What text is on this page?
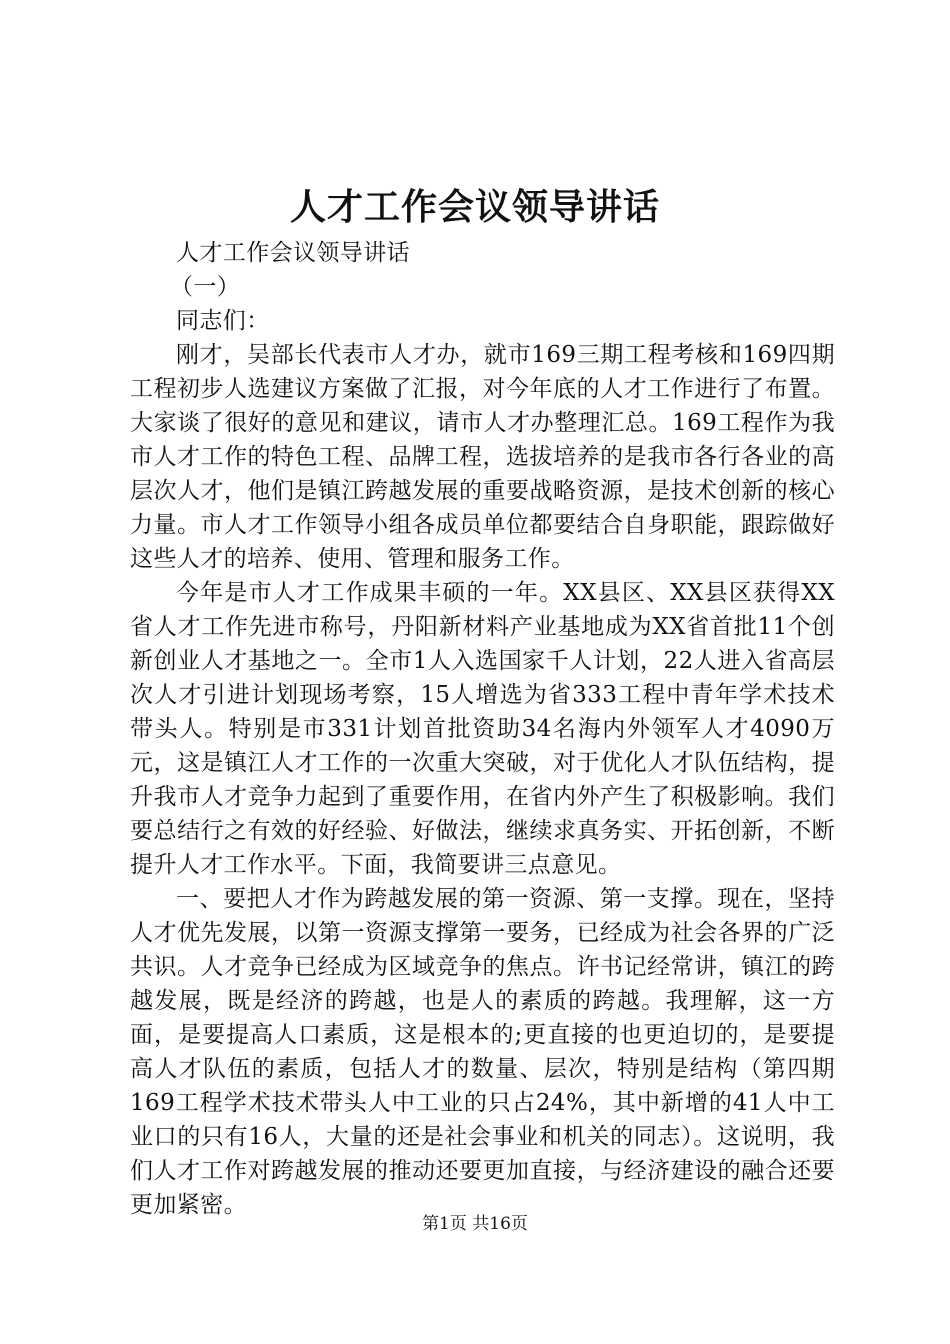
人才工作会议领导讲话

人才工作会议领导讲话

（一）

同志们：

刚才，吴部长代表市人才办，就市169三期工程考核和169四期工程初步人选建议方案做了汇报，对今年底的人才工作进行了布置。大家谈了很好的意见和建议，请市人才办整理汇总。169工程作为我市人才工作的特色工程、品牌工程，选拔培养的是我市各行各业的高层次人才，他们是镇江跨越发展的重要战略资源，是技术创新的核心力量。市人才工作领导小组各成员单位都要结合自身职能，跟踪做好这些人才的培养、使用、管理和服务工作。

今年是市人才工作成果丰硕的一年。XX县区、XX县区获得XX省人才工作先进市称号，丹阳新材料产业基地成为XX省首批11个创新创业人才基地之一。全市1人入选国家千人计划，22人进入省高层次人才引进计划现场考察，15人增选为省333工程中青年学术技术带头人。特别是市331计划首批资助34名海内外领军人才4090万元，这是镇江人才工作的一次重大突破，对于优化人才队伍结构，提升我市人才竞争力起到了重要作用，在省内外产生了积极影响。我们要总结行之有效的好经验、好做法，继续求真务实、开拓创新，不断提升人才工作水平。下面，我简要讲三点意见。

一、要把人才作为跨越发展的第一资源、第一支撑。现在，坚持人才优先发展，以第一资源支撑第一要务，已经成为社会各界的广泛共识。人才竞争已经成为区域竞争的焦点。许书记经常讲，镇江的跨越发展，既是经济的跨越，也是人的素质的跨越。我理解，这一方面，是要提高人口素质，这是根本的;更直接的也更迫切的，是要提高人才队伍的素质，包括人才的数量、层次，特别是结构（第四期169工程学术技术带头人中工业的只占24%，其中新增的41人中工业口的只有16人，大量的还是社会事业和机关的同志）。这说明，我们人才工作对跨越发展的推动还要更加直接，与经济建设的融合还要更加紧密。

第1页 共16页
